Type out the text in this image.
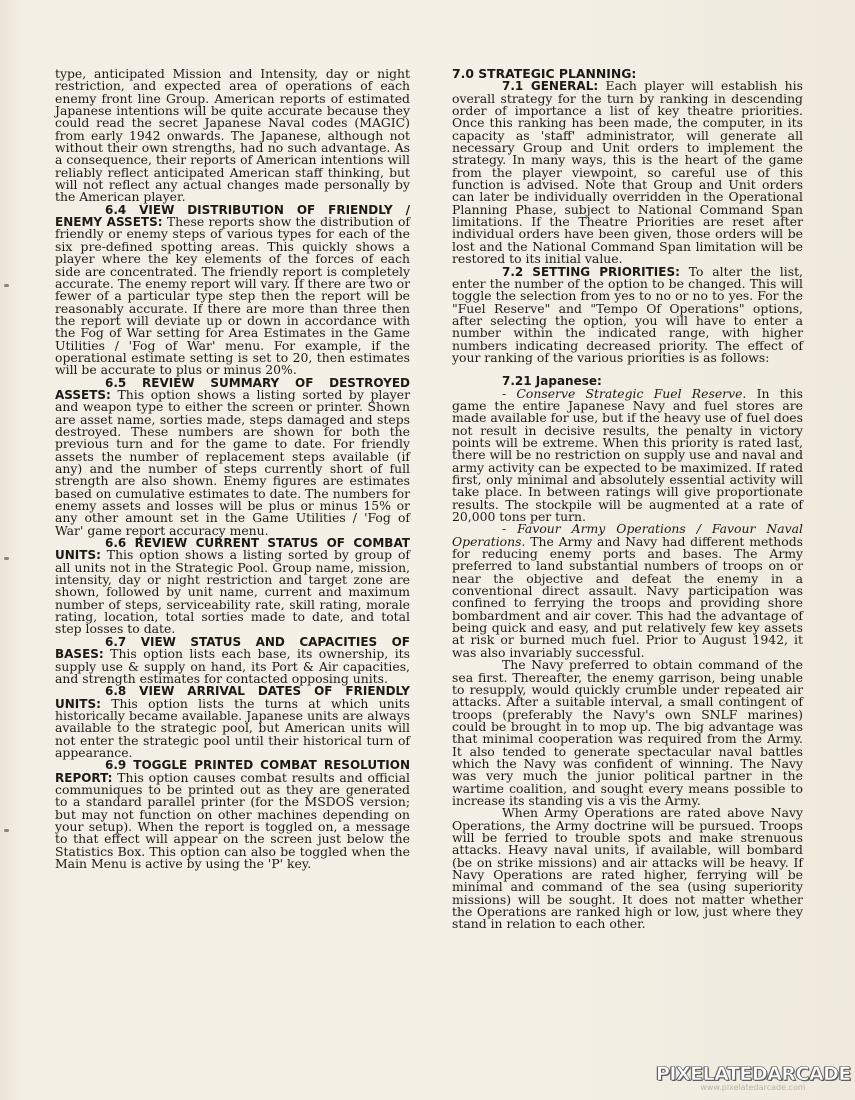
type, anticipated Mission and Intensity, day or night restriction, and expected area of operations of each enemy front line Group. American reports of estimated Japanese intentions will be quite accurate because they could read the secret Japanese Naval codes (MAGIC) from early 1942 onwards. The Japanese, although not without their own strengths, had no such advantage. As a consequence, their reports of American intentions will reliably reflect anticipated American staff thinking, but will not reflect any actual changes made personally by the American player.

6.4 VIEW DISTRIBUTION OF FRIENDLY / ENEMY ASSETS: These reports show the distribution of friendly or enemy steps of various types for each of the six pre-defined spotting areas. This quickly shows a player where the key elements of the forces of each side are concentrated. The friendly report is completely accurate. The enemy report will vary. If there are two or fewer of a particular type step then the report will be reasonably accurate. If there are more than three then the report will deviate up or down in accordance with the Fog of War setting for Area Estimates in the Game Utilities / 'Fog of War' menu. For example, if the operational estimate setting is set to 20, then estimates will be accurate to plus or minus 20%.

6.5 REVIEW SUMMARY OF DESTROYED ASSETS: This option shows a listing sorted by player and weapon type to either the screen or printer. Shown are asset name, sorties made, steps damaged and steps destroyed. These numbers are shown for both the previous turn and for the game to date. For friendly assets the number of replacement steps available (if any) and the number of steps currently short of full strength are also shown. Enemy figures are estimates based on cumulative estimates to date. The numbers for enemy assets and losses will be plus or minus 15% or any other amount set in the Game Utilities / 'Fog of War' game report accuracy menu.

6.6 REVIEW CURRENT STATUS OF COMBAT UNITS: This option shows a listing sorted by group of all units not in the Strategic Pool. Group name, mission, intensity, day or night restriction and target zone are shown, followed by unit name, current and maximum number of steps, serviceability rate, skill rating, morale rating, location, total sorties made to date, and total step losses to date.

6.7 VIEW STATUS AND CAPACITIES OF BASES: This option lists each base, its ownership, its supply use & supply on hand, its Port & Air capacities, and strength estimates for contacted opposing units.

6.8 VIEW ARRIVAL DATES OF FRIENDLY UNITS: This option lists the turns at which units historically became available. Japanese units are always available to the strategic pool, but American units will not enter the strategic pool until their historical turn of appearance.

6.9 TOGGLE PRINTED COMBAT RESOLUTION REPORT: This option causes combat results and official communiques to be printed out as they are generated to a standard parallel printer (for the MSDOS version; but may not function on other machines depending on your setup). When the report is toggled on, a message to that effect will appear on the screen just below the Statistics Box. This option can also be toggled when the Main Menu is active by using the 'P' key.

7.0 STRATEGIC PLANNING:

7.1 GENERAL: Each player will establish his overall strategy for the turn by ranking in descending order of importance a list of key theatre priorities. Once this ranking has been made, the computer, in its capacity as 'staff' administrator, will generate all necessary Group and Unit orders to implement the strategy. In many ways, this is the heart of the game from the player viewpoint, so careful use of this function is advised. Note that Group and Unit orders can later be individually overridden in the Operational Planning Phase, subject to National Command Span limitations. If the Theatre Priorities are reset after individual orders have been given, those orders will be lost and the National Command Span limitation will be restored to its initial value.

7.2 SETTING PRIORITIES: To alter the list, enter the number of the option to be changed. This will toggle the selection from yes to no or no to yes. For the "Fuel Reserve" and "Tempo Of Operations" options, after selecting the option, you will have to enter a number within the indicated range, with higher numbers indicating decreased priority. The effect of your ranking of the various priorities is as follows:

7.21 Japanese:

- Conserve Strategic Fuel Reserve. In this game the entire Japanese Navy and fuel stores are made available for use, but if the heavy use of fuel does not result in decisive results, the penalty in victory points will be extreme. When this priority is rated last, there will be no restriction on supply use and naval and army activity can be expected to be maximized. If rated first, only minimal and absolutely essential activity will take place. In between ratings will give proportionate results. The stockpile will be augmented at a rate of 20,000 tons per turn.

- Favour Army Operations / Favour Naval Operations. The Army and Navy had different methods for reducing enemy ports and bases. The Army preferred to land substantial numbers of troops on or near the objective and defeat the enemy in a conventional direct assault. Navy participation was confined to ferrying the troops and providing shore bombardment and air cover. This had the advantage of being quick and easy, and put relatively few key assets at risk or burned much fuel. Prior to August 1942, it was also invariably successful.

The Navy preferred to obtain command of the sea first. Thereafter, the enemy garrison, being unable to resupply, would quickly crumble under repeated air attacks. After a suitable interval, a small contingent of troops (preferably the Navy's own SNLF marines) could be brought in to mop up. The big advantage was that minimal cooperation was required from the Army. It also tended to generate spectacular naval battles which the Navy was confident of winning. The Navy was very much the junior political partner in the wartime coalition, and sought every means possible to increase its standing vis a vis the Army.

When Army Operations are rated above Navy Operations, the Army doctrine will be pursued. Troops will be ferried to trouble spots and make strenuous attacks. Heavy naval units, if available, will bombard (be on strike missions) and air attacks will be heavy. If Navy Operations are rated higher, ferrying will be minimal and command of the sea (using superiority missions) will be sought. It does not matter whether the Operations are ranked high or low, just where they stand in relation to each other.

PIXELATEDARCADE
www.pixelatedarcade.com
